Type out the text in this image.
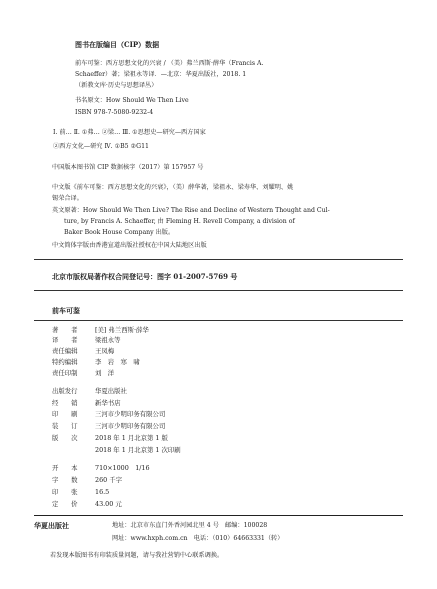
图书在版编目（CIP）数据
前车可鉴：西方思想文化的兴衰 / （美）弗兰西斯·薛华（Francis A.
Schaeffer）著；梁祖永等译．—北京：华夏出版社，2018. 1
（新教文库·历史与思想译丛）
书名原文：How Should We Then Live
ISBN 978-7-5080-9232-4
Ⅰ. 前… Ⅱ. ①弗… ②梁… Ⅲ. ①思想史—研究—西方国家
②西方文化—研究 Ⅳ. ①B5 ②G11
中国版本图书馆 CIP 数据核字（2017）第 157957 号
中文版《前车可鉴：西方思想文化的兴衰》，（美）薛华著，梁祖永、梁寿华、刘耀明、姚
锡荣合译。
英文原著：How Should We Then Live? The Rise and Decline of Western Thought and Cul-
ture, by Francis A. Schaeffer, 由 Fleming H. Revell Company, a division of
Baker Book House Company 出版。
中文简体字版由香港宣道出版社授权在中国大陆地区出版
北京市版权局著作权合同登记号：图字 01-2007-5769 号
前车可鉴
著　　者	[美] 弗兰西斯·薛华
译　　者	梁祖永等
责任编辑	王凤梅
特约编辑	李　岩　寒　啸
责任印制	刘　洋
出版发行	华夏出版社
经　　销	新华书店
印　　刷	三河市少明印务有限公司
装　　订	三河市少明印务有限公司
版　　次	2018 年 1 月北京第 1 版
2018 年 1 月北京第 1 次印刷
开　　本	710×1000　1/16
字　　数	260 千字
印　　张	16.5
定　　价	43.00 元
华夏出版社	地址：北京市东直门外香河园北里 4 号　邮编：100028
网址：www.hxph.com.cn　电话：（010）64663331（转）
若发现本版图书有印装质量问题，请与我社营销中心联系调换。
